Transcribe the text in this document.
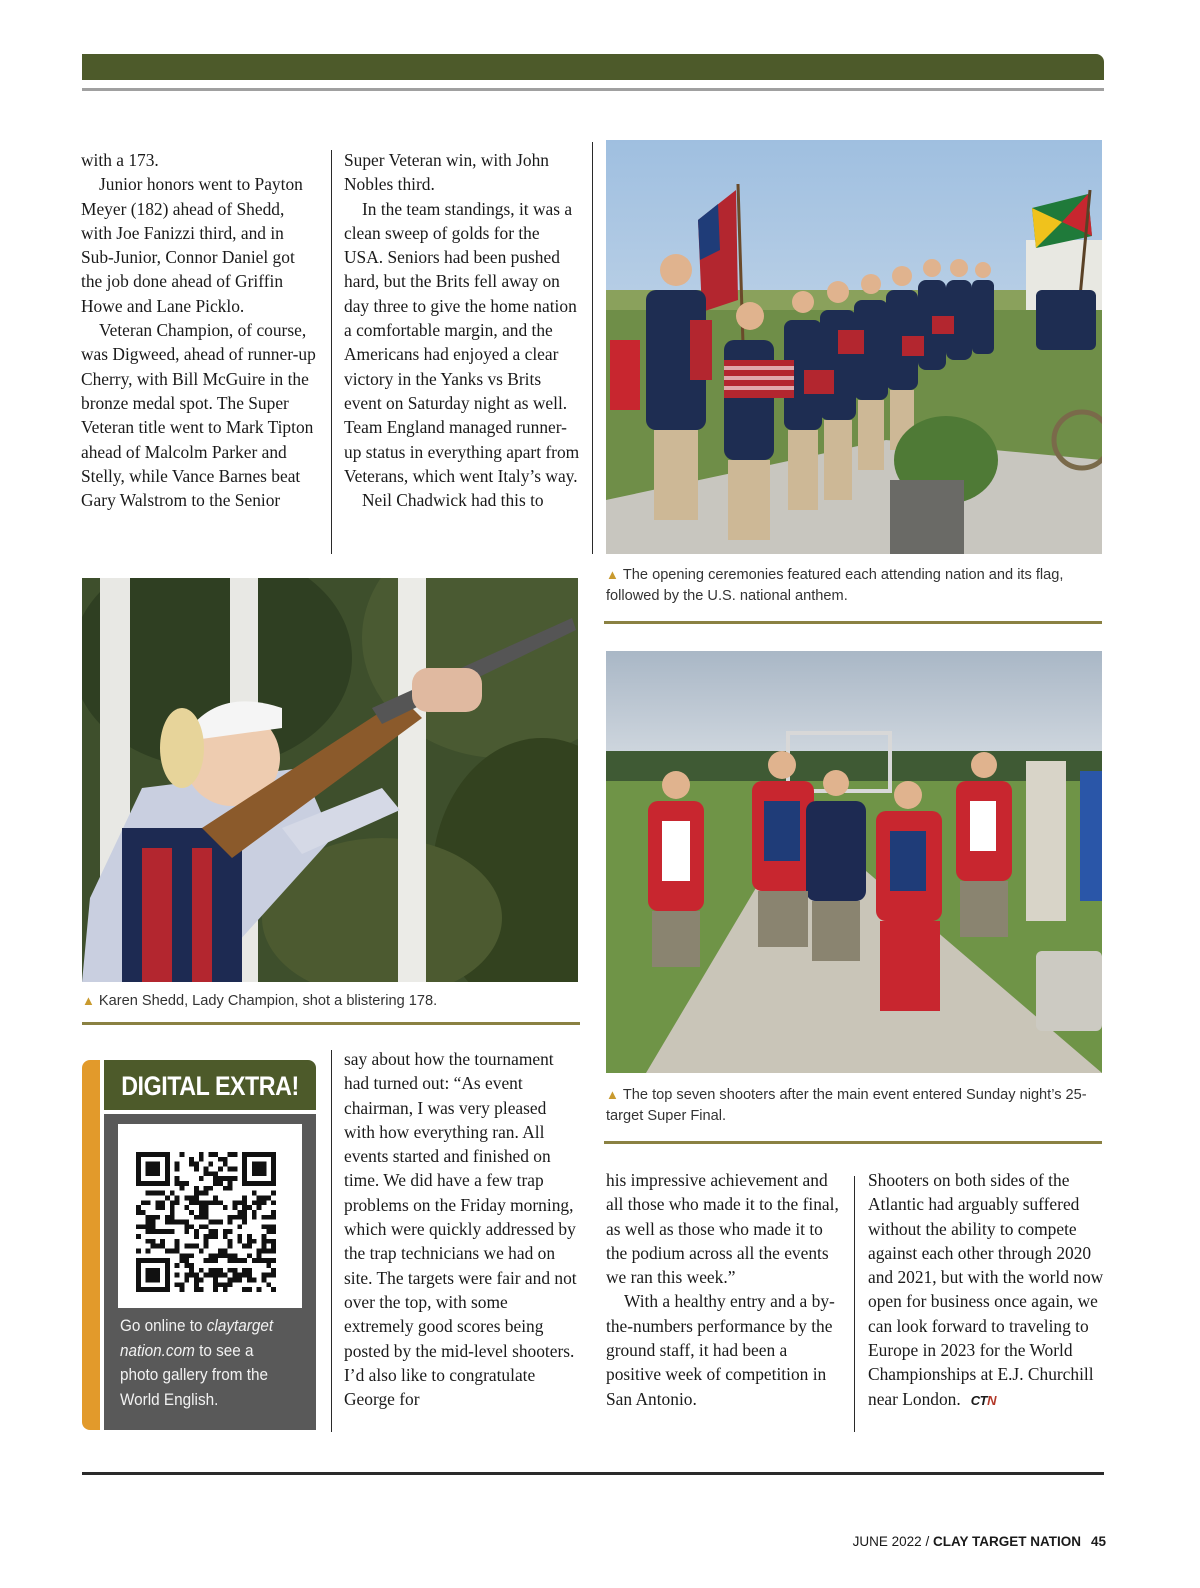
with a 173.

Junior honors went to Payton Meyer (182) ahead of Shedd, with Joe Fanizzi third, and in Sub-Junior, Connor Daniel got the job done ahead of Griffin Howe and Lane Picklo.

Veteran Champion, of course, was Digweed, ahead of runner-up Cherry, with Bill McGuire in the bronze medal spot. The Super Veteran title went to Mark Tipton ahead of Malcolm Parker and Stelly, while Vance Barnes beat Gary Walstrom to the Senior

Super Veteran win, with John Nobles third.

In the team standings, it was a clean sweep of golds for the USA. Seniors had been pushed hard, but the Brits fell away on day three to give the home nation a comfortable margin, and the Americans had enjoyed a clear victory in the Yanks vs Brits event on Saturday night as well. Team England managed runner-up status in everything apart from Veterans, which went Italy’s way.

Neil Chadwick had this to

▲ The opening ceremonies featured each attending nation and its flag, followed by the U.S. national anthem.
▲ Karen Shedd, Lady Champion, shot a blistering 178.
▲ The top seven shooters after the main event entered Sunday night’s 25-target Super Final.
DIGITAL EXTRA!
Go online to claytarget nation.com to see a photo gallery from the World English.

say about how the tournament had turned out: “As event chairman, I was very pleased with how everything ran. All events started and finished on time. We did have a few trap problems on the Friday morning, which were quickly addressed by the trap technicians we had on site. The targets were fair and not over the top, with some extremely good scores being posted by the mid-level shooters. I’d also like to congratulate George for

his impressive achievement and all those who made it to the final, as well as those who made it to the podium across all the events we ran this week.”

With a healthy entry and a by-the-numbers performance by the ground staff, it had been a positive week of competition in San Antonio.

Shooters on both sides of the Atlantic had arguably suffered without the ability to compete against each other through 2020 and 2021, but with the world now open for business once again, we can look forward to traveling to Europe in 2023 for the World Championships at E.J. Churchill near London. CTN

JUNE 2022 / CLAY TARGET NATION 45
